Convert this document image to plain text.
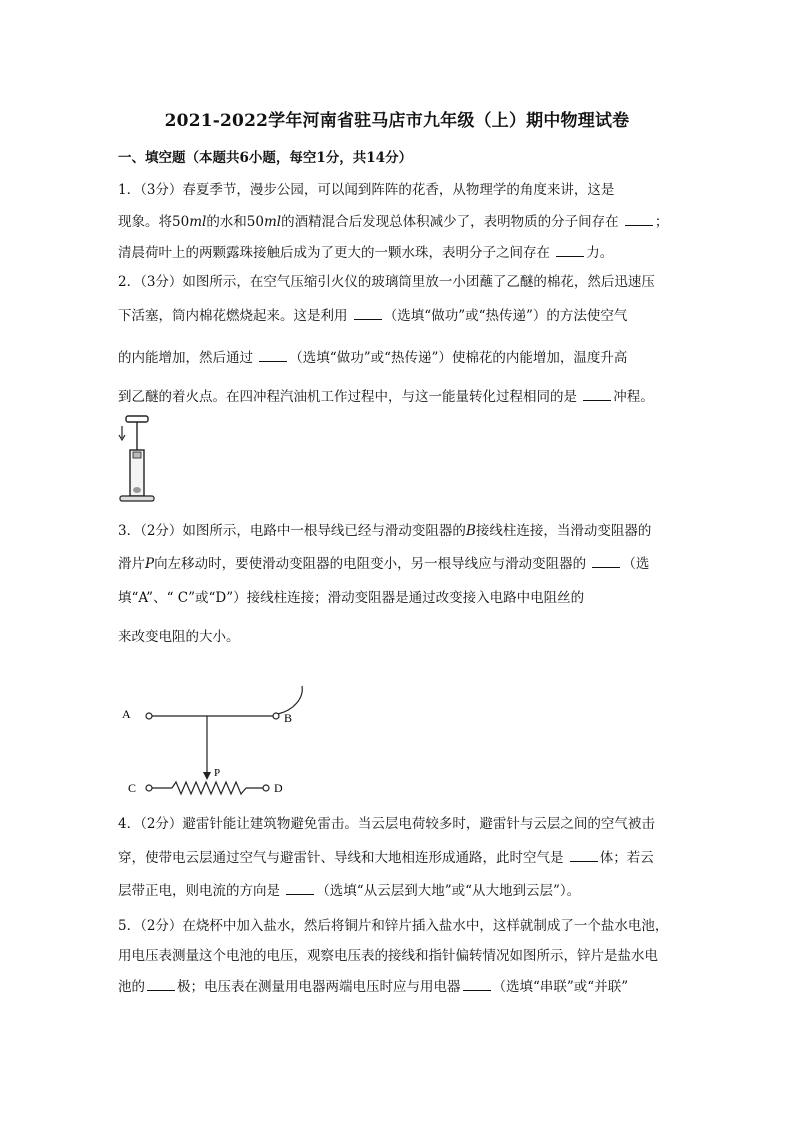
2021-2022学年河南省驻马店市九年级（上）期中物理试卷
一、填空题（本题共6小题，每空1分，共14分）
1．（3分）春夏季节，漫步公园，可以闻到阵阵的花香，从物理学的角度来讲，这是
现象。将50ml的水和50ml的酒精混合后发现总体积减少了，表明物质的分子间存在	；
清晨荷叶上的两颗露珠接触后成为了更大的一颗水珠，表明分子之间存在	力。
2．（3分）如图所示，在空气压缩引火仪的玻璃筒里放一小团蘸了乙醚的棉花，然后迅速压
下活塞，筒内棉花燃烧起来。这是利用	（选填“做功”或“热传递”）的方法使空气
的内能增加，然后通过	（选填“做功”或“热传递”）使棉花的内能增加，温度升高
到乙醚的着火点。在四冲程汽油机工作过程中，与这一能量转化过程相同的是	冲程。
3．（2分）如图所示，电路中一根导线已经与滑动变阻器的B接线柱连接，当滑动变阻器的
滑片P向左移动时，要使滑动变阻器的电阻变小，另一根导线应与滑动变阻器的	（选
填“A”、“ C”或“D”）接线柱连接；滑动变阻器是通过改变接入电路中电阻丝的
来改变电阻的大小。
A	B
P
C	D
4．（2分）避雷针能让建筑物避免雷击。当云层电荷较多时，避雷针与云层之间的空气被击
穿，使带电云层通过空气与避雷针、导线和大地相连形成通路，此时空气是	体；若云
层带正电，则电流的方向是	（选填“从云层到大地”或“从大地到云层”）。
5．（2分）在烧杯中加入盐水，然后将铜片和锌片插入盐水中，这样就制成了一个盐水电池，
用电压表测量这个电池的电压，观察电压表的接线和指针偏转情况如图所示，锌片是盐水电
池的 极；电压表在测量用电器两端电压时应与用电器 （选填“串联”或“并联”
